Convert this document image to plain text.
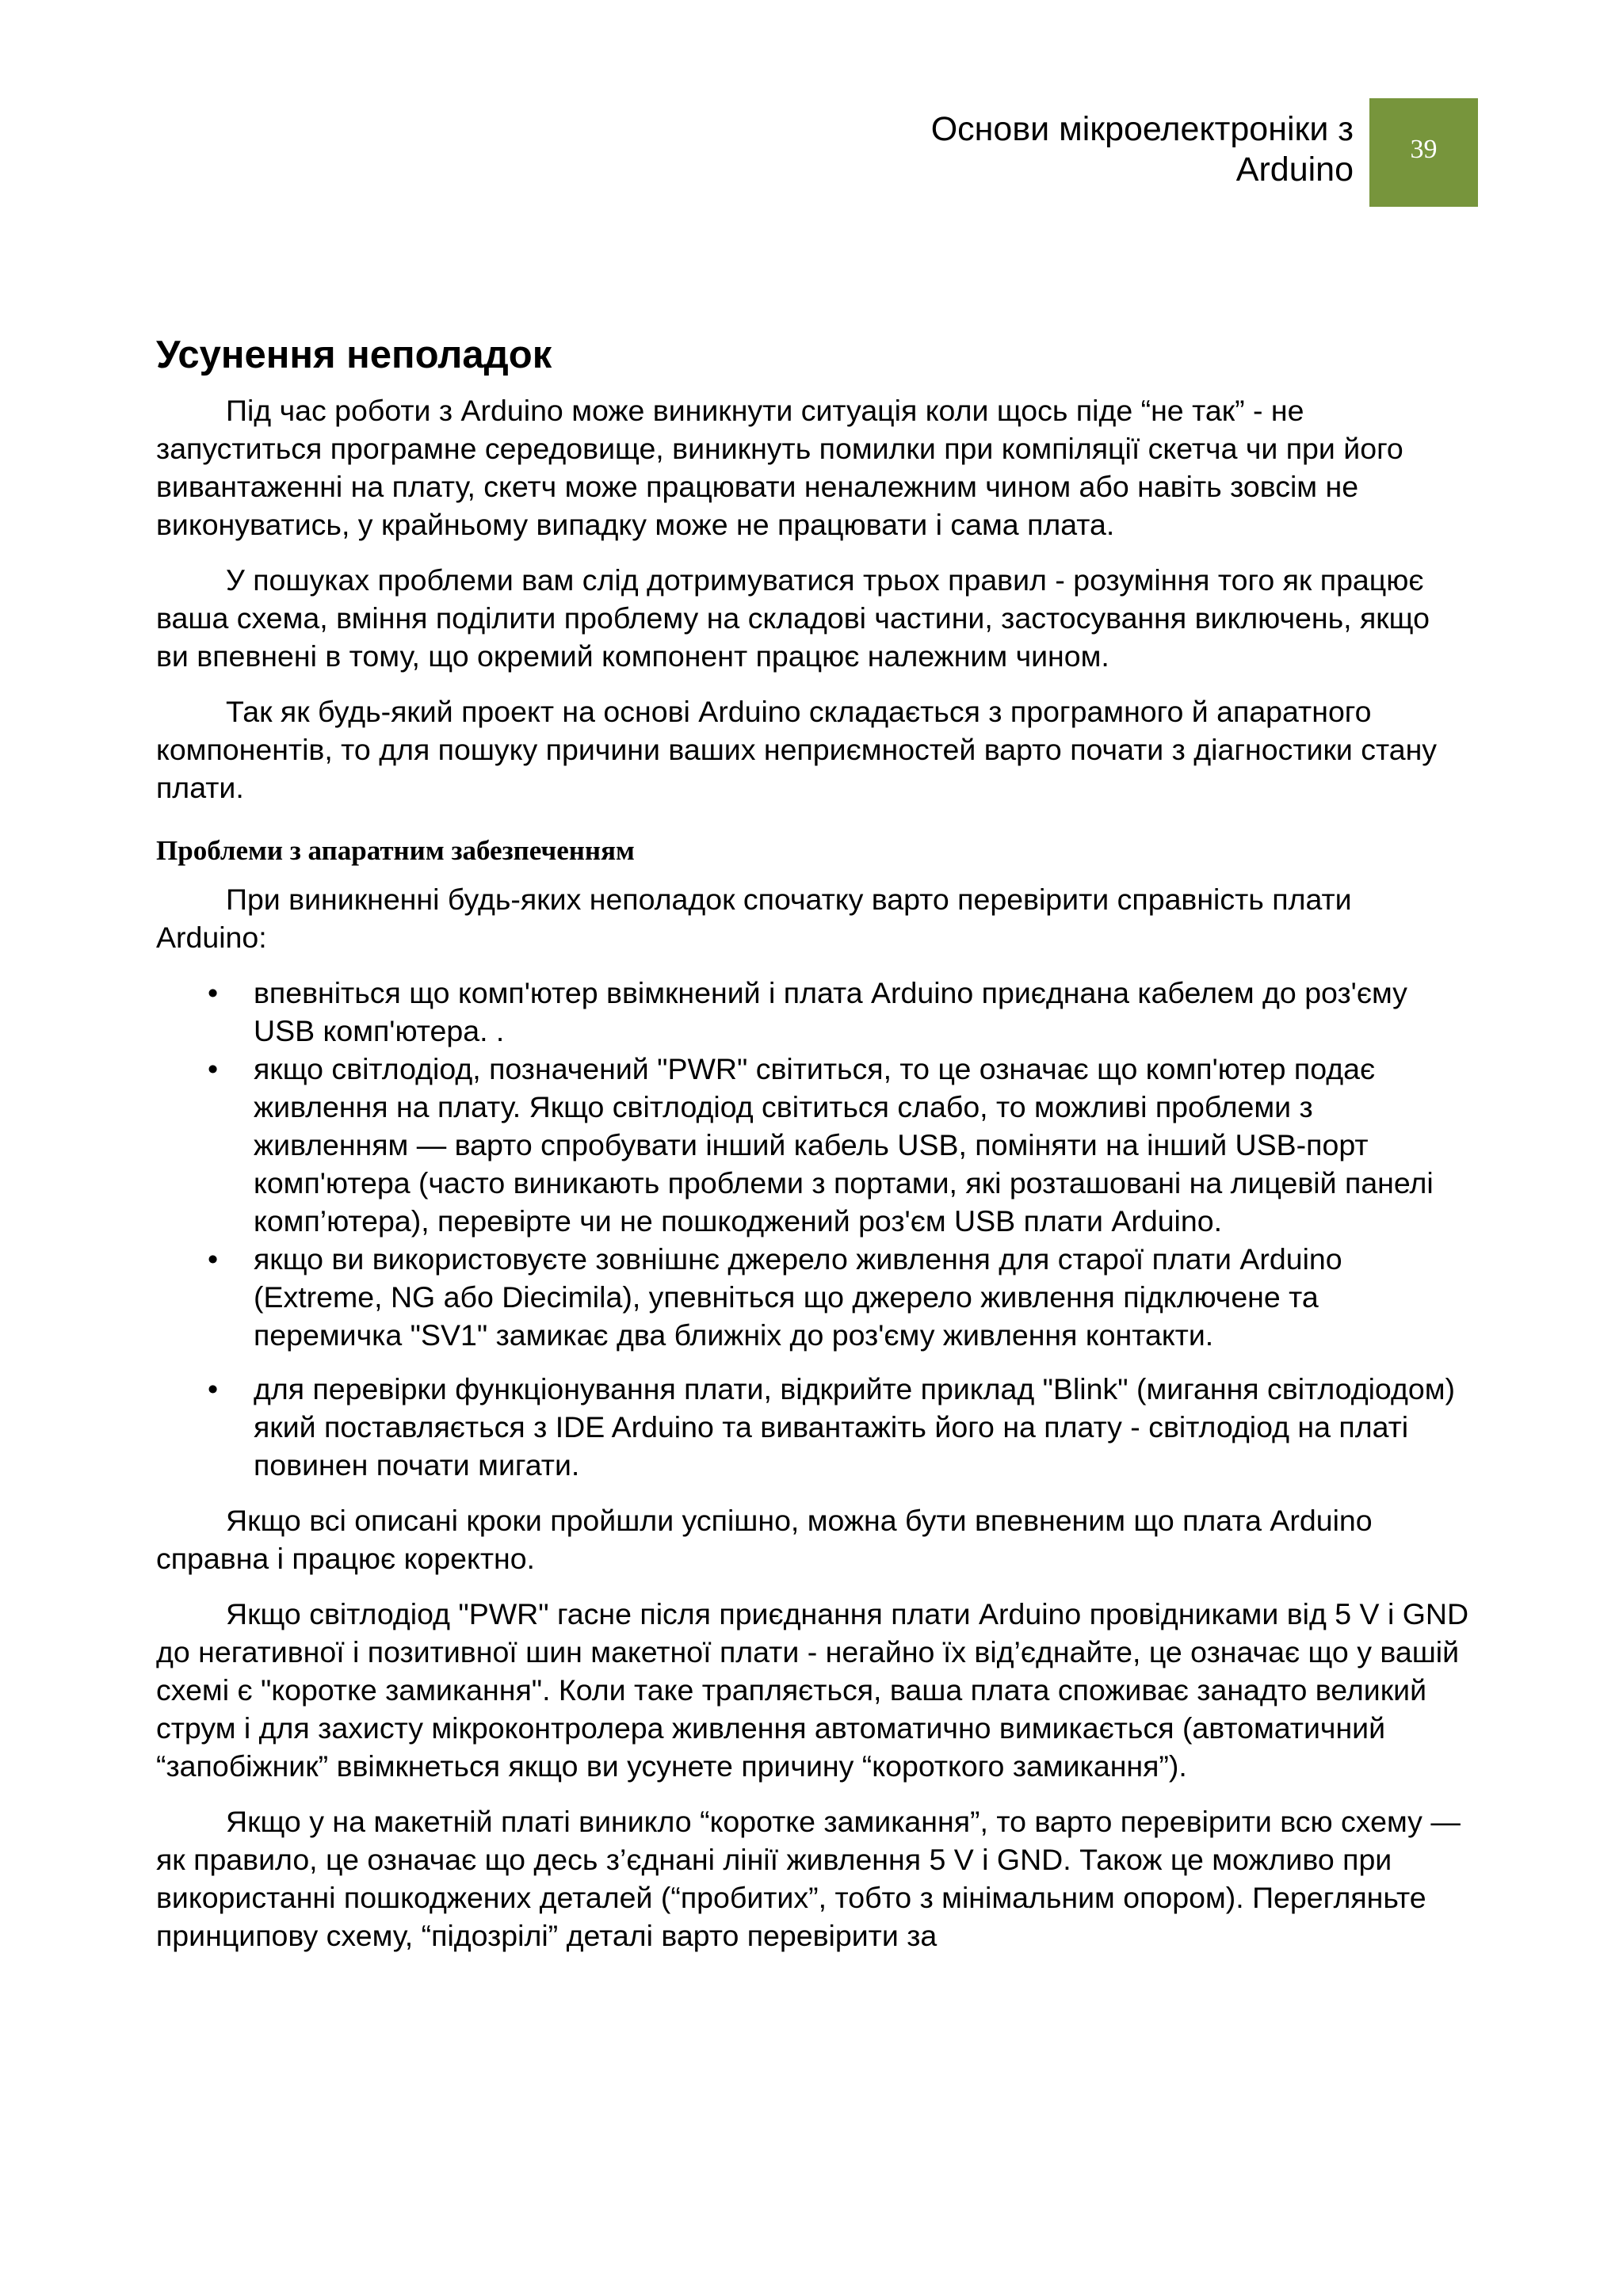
Основи мікроелектроніки з
Arduino
39
Усунення неполадок

Під час роботи з Arduino може виникнути ситуація коли щось піде “не так” - не запуститься програмне середовище, виникнуть помилки при компіляції скетча чи при його вивантаженні на плату, скетч може працювати неналежним чином або навіть зовсім не виконуватись, у крайньому випадку може не працювати і сама плата.

У пошуках проблеми вам слід дотримуватися трьох правил - розуміння того як працює ваша схема, вміння поділити проблему на складові частини, застосування виключень, якщо ви впевнені в тому, що окремий компонент працює належним чином.

Так як будь-який проект на основі Arduino складається з програмного й апаратного компонентів, то для пошуку причини ваших неприємностей варто почати з діагностики стану плати.

Проблеми з апаратним забезпеченням

При виникненні будь-яких неполадок спочатку варто перевірити справність плати Arduino:

• впевніться що комп'ютер ввімкнений і плата Arduino приєднана кабелем до роз'єму USB комп'ютера. .
• якщо світлодіод, позначений "PWR" світиться, то це означає що комп'ютер подає живлення на плату. Якщо світлодіод світиться слабо, то можливі проблеми з живленням — варто спробувати інший кабель USB, поміняти на інший USB-порт комп'ютера (часто виникають проблеми з портами, які розташовані на лицевій панелі комп’ютера), перевірте чи не пошкоджений роз'єм USB плати Arduino.
• якщо ви використовуєте зовнішнє джерело живлення для старої плати Arduino (Extreme, NG або Diecimila), упевніться що джерело живлення підключене та перемичка "SV1" замикає два ближніх до роз'єму живлення контакти.
• для перевірки функціонування плати, відкрийте приклад "Blink" (мигання світлодіодом) який поставляється з IDE Arduino та вивантажіть його на плату - світлодіод на платі повинен почати мигати.

Якщо всі описані кроки пройшли успішно, можна бути впевненим що плата Arduino справна і працює коректно.

Якщо світлодіод "PWR" гасне після приєднання плати Arduino провідниками від 5 V і GND до негативної і позитивної шин макетної плати - негайно їх від’єднайте, це означає що у вашій схемі є "коротке замикання". Коли таке трапляється, ваша плата споживає занадто великий струм і для захисту мікроконтролера живлення автоматично вимикається (автоматичний “запобіжник” ввімкнеться якщо ви усунете причину “короткого замикання”).

Якщо у на макетній платі виникло “коротке замикання”, то варто перевірити всю схему — як правило, це означає що десь з’єднані лінії живлення 5 V і GND. Також це можливо при використанні пошкоджених деталей (“пробитих”, тобто з мінімальним опором). Перегляньте принципову схему, “підозрілі” деталі варто перевірити за
